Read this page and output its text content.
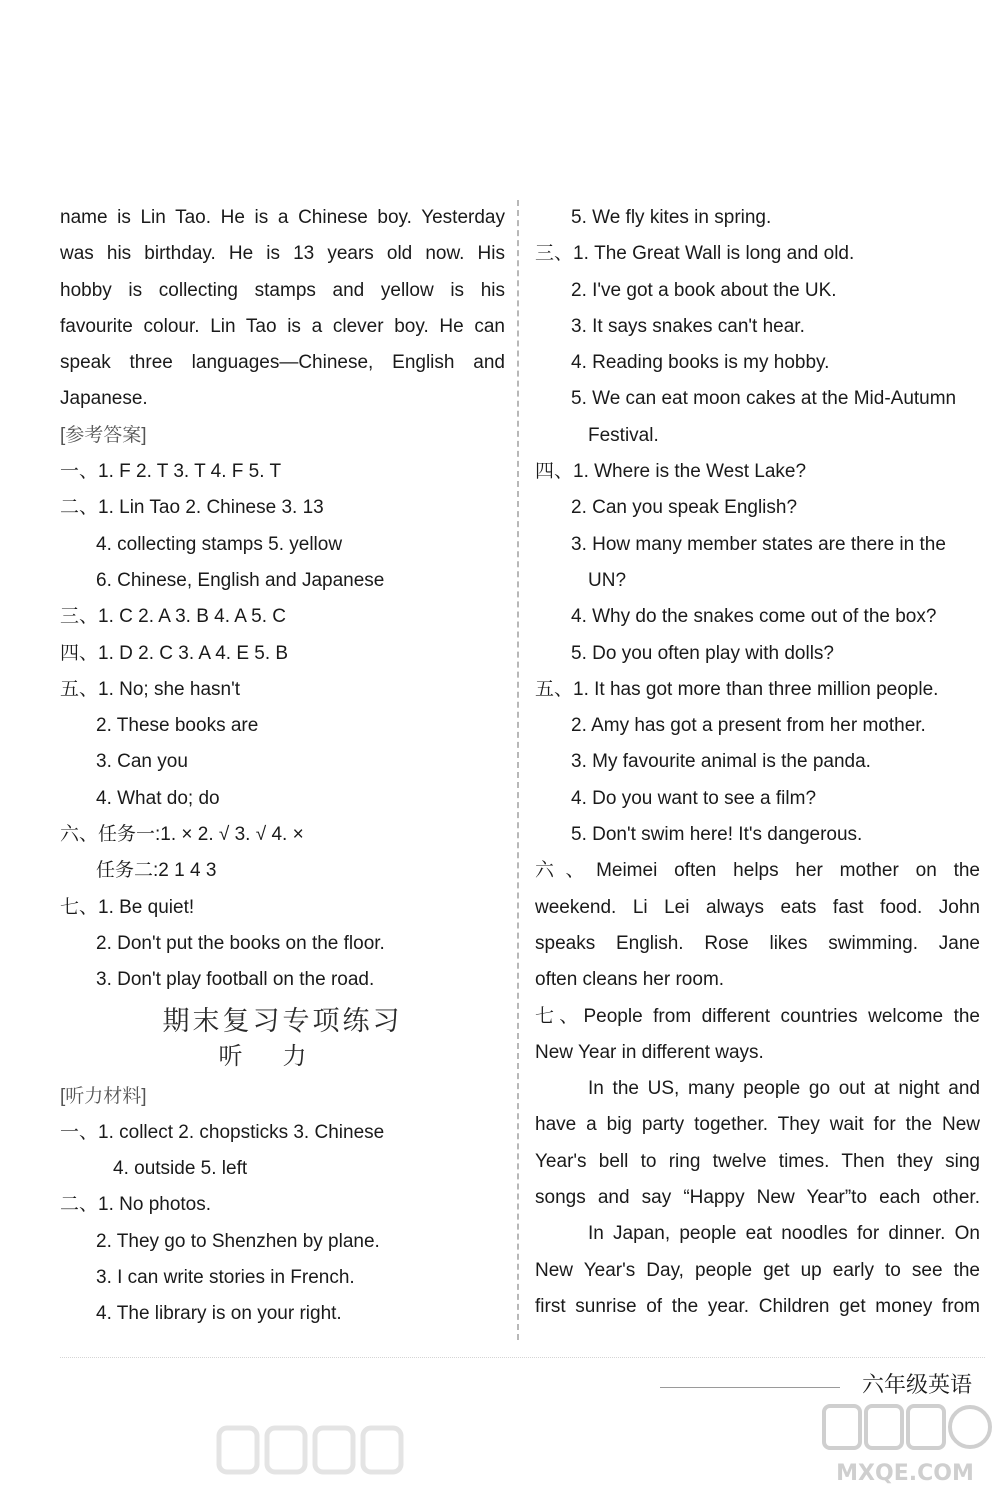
name is Lin Tao. He is a Chinese boy. Yesterday
was his birthday. He is 13 years old now. His
hobby is collecting stamps and yellow is his
favourite colour. Lin Tao is a clever boy. He can
speak three languages—Chinese, English and
Japanese.
[参考答案]
一、1. F 2. T 3. T 4. F 5. T
二、1. Lin Tao 2. Chinese 3. 13
4. collecting stamps 5. yellow
6. Chinese, English and Japanese
三、1. C 2. A 3. B 4. A 5. C
四、1. D 2. C 3. A 4. E 5. B
五、1. No; she hasn't
2. These books are
3. Can you
4. What do; do
六、任务一:1. × 2. √ 3. √ 4. ×
任务二:2 1 4 3
七、1. Be quiet!
2. Don't put the books on the floor.
3. Don't play football on the road.
期末复习专项练习
听力
[听力材料]
一、1. collect 2. chopsticks 3. Chinese
4. outside 5. left
二、1. No photos.
2. They go to Shenzhen by plane.
3. I can write stories in French.
4. The library is on your right.
5. We fly kites in spring.
三、1. The Great Wall is long and old.
2. I've got a book about the UK.
3. It says snakes can't hear.
4. Reading books is my hobby.
5. We can eat moon cakes at the Mid-Autumn
Festival.
四、1. Where is the West Lake?
2. Can you speak English?
3. How many member states are there in the
UN?
4. Why do the snakes come out of the box?
5. Do you often play with dolls?
五、1. It has got more than three million people.
2. Amy has got a present from her mother.
3. My favourite animal is the panda.
4. Do you want to see a film?
5. Don't swim here! It's dangerous.
六、Meimei often helps her mother on the
weekend. Li Lei always eats fast food. John
speaks English. Rose likes swimming. Jane
often cleans her room.
七、People from different countries welcome the
New Year in different ways.
In the US, many people go out at night and
have a big party together. They wait for the New
Year's bell to ring twelve times. Then they sing
songs and say “Happy New Year”to each other.
In Japan, people eat noodles for dinner. On
New Year's Day, people get up early to see the
first sunrise of the year. Children get money from
六年级英语
MXQE.COM
